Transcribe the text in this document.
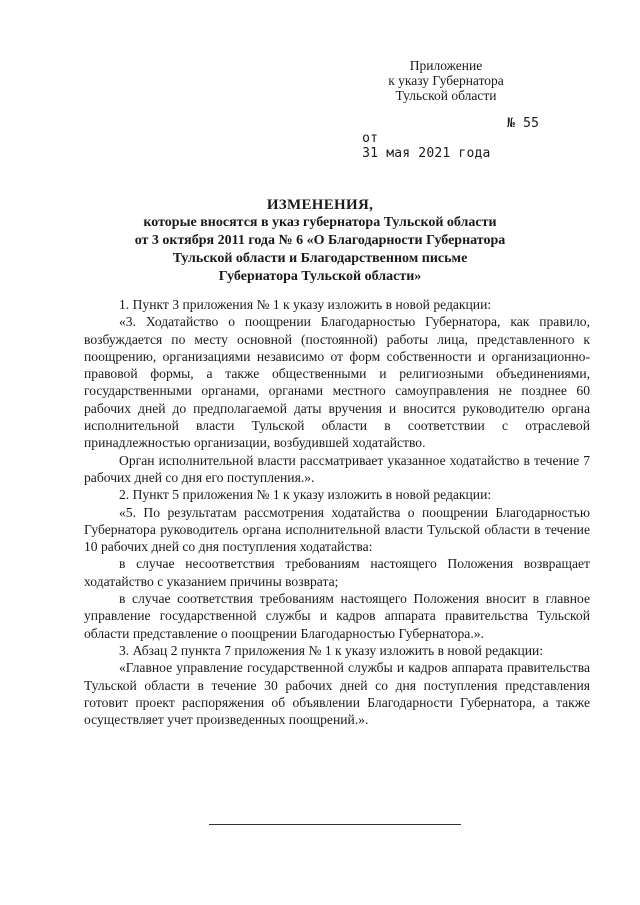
Приложение
к указу Губернатора
Тульской области

от
31 мая 2021 года

№ 55

ИЗМЕНЕНИЯ,
которые вносятся в указ губернатора Тульской области
от 3 октября 2011 года № 6 «О Благодарности Губернатора
Тульской области и Благодарственном письме
Губернатора Тульской области»

1. Пункт 3 приложения № 1 к указу изложить в новой редакции:

«3. Ходатайство о поощрении Благодарностью Губернатора, как правило, возбуждается по месту основной (постоянной) работы лица, представленного к поощрению, организациями независимо от форм собственности и организационно-правовой формы, а также общественными и религиозными объединениями, государственными органами, органами местного самоуправления не позднее 60 рабочих дней до предполагаемой даты вручения и вносится руководителю органа исполнительной власти Тульской области в соответствии с отраслевой принадлежностью организации, возбудившей ходатайство.

Орган исполнительной власти рассматривает указанное ходатайство в течение 7 рабочих дней со дня его поступления.».

2. Пункт 5 приложения № 1 к указу изложить в новой редакции:

«5. По результатам рассмотрения ходатайства о поощрении Благодарностью Губернатора руководитель органа исполнительной власти Тульской области в течение 10 рабочих дней со дня поступления ходатайства:

в случае несоответствия требованиям настоящего Положения возвращает ходатайство с указанием причины возврата;

в случае соответствия требованиям настоящего Положения вносит в главное управление государственной службы и кадров аппарата правительства Тульской области представление о поощрении Благодарностью Губернатора.».

3. Абзац 2 пункта 7 приложения № 1 к указу изложить в новой редакции:

«Главное управление государственной службы и кадров аппарата правительства Тульской области в течение 30 рабочих дней со дня поступления представления готовит проект распоряжения об объявлении Благодарности Губернатора, а также осуществляет учет произведенных поощрений.».
